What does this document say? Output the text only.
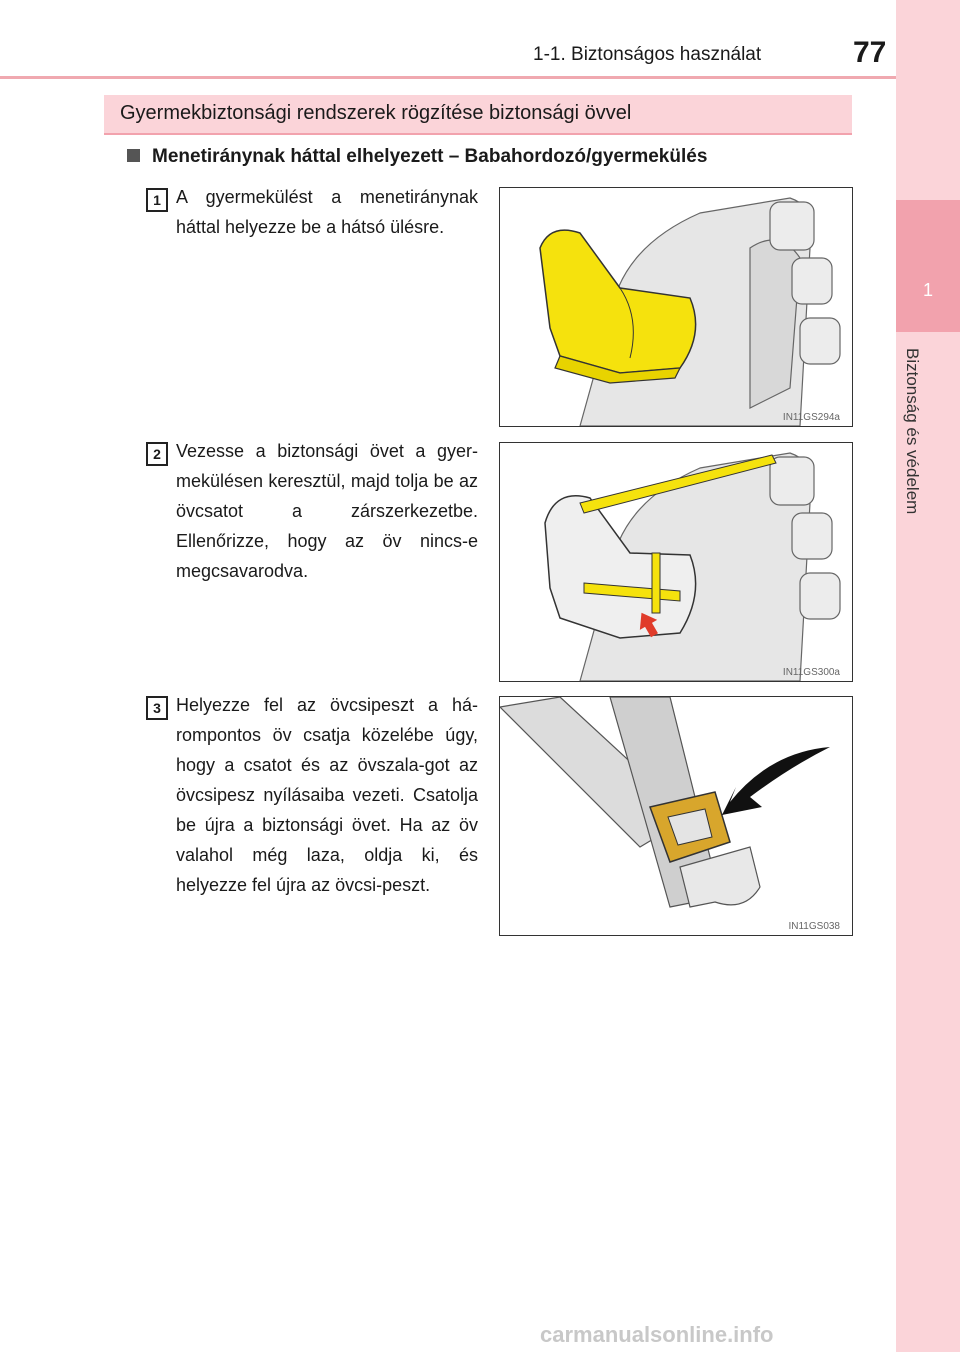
1-1. Biztonságos használat	77
1
Biztonság és védelem
Gyermekbiztonsági rendszerek rögzítése biztonsági övvel
Menetiránynak háttal elhelyezett – Babahordozó/gyermekülés
1 A gyermekülést a menetiránynak háttal helyezze be a hátsó ülésre.
IN11GS294a
2 Vezesse a biztonsági övet a gyer-mekülésen keresztül, majd tolja be az övcsatot a zárszerkezetbe. Ellenőrizze, hogy az öv nincs-e megcsavarodva.
IN11GS300a
3 Helyezze fel az övcsipeszt a há-rompontos öv csatja közelébe úgy, hogy a csatot és az övszala-got az övcsipesz nyílásaiba vezeti. Csatolja be újra a biztonsági övet. Ha az öv valahol még laza, oldja ki, és helyezze fel újra az övcsi-peszt.
IN11GS038
carmanualsonline.info
